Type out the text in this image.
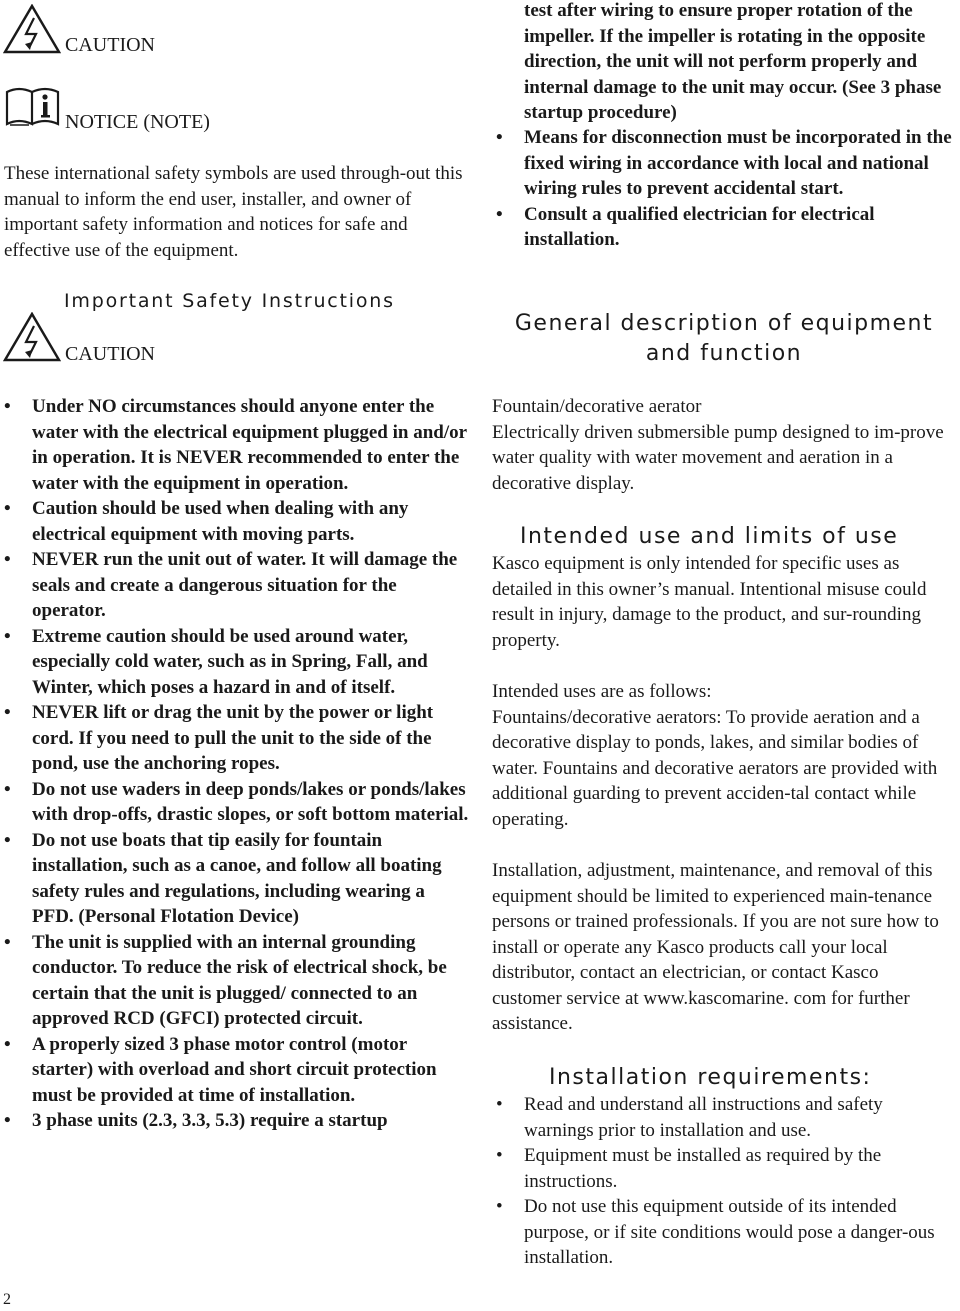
CAUTION
NOTICE (NOTE)

These international safety symbols are used through-out this manual to inform the end user, installer, and owner of important safety information and notices for safe and effective use of the equipment.

Important Safety Instructions
CAUTION
• Under NO circumstances should anyone enter the water with the electrical equipment plugged in and/or in operation. It is NEVER recommended to enter the water with the equipment in operation.
• Caution should be used when dealing with any electrical equipment with moving parts.
• NEVER run the unit out of water. It will damage the seals and create a dangerous situation for the operator.
• Extreme caution should be used around water, especially cold water, such as in Spring, Fall, and Winter, which poses a hazard in and of itself.
• NEVER lift or drag the unit by the power or light cord. If you need to pull the unit to the side of the pond, use the anchoring ropes.
• Do not use waders in deep ponds/lakes or ponds/lakes with drop-offs, drastic slopes, or soft bottom material.
• Do not use boats that tip easily for fountain installation, such as a canoe, and follow all boating safety rules and regulations, including wearing a PFD. (Personal Flotation Device)
• The unit is supplied with an internal grounding conductor. To reduce the risk of electrical shock, be certain that the unit is plugged/ connected to an approved RCD (GFCI) protected circuit.
• A properly sized 3 phase motor control (motor starter) with overload and short circuit protection must be provided at time of installation.
• 3 phase units (2.3, 3.3, 5.3) require a startup
2

test after wiring to ensure proper rotation of the impeller. If the impeller is rotating in the opposite direction, the unit will not perform properly and internal damage to the unit may occur. (See 3 phase startup procedure)

• Means for disconnection must be incorporated in the fixed wiring in accordance with local and national wiring rules to prevent accidental start.
• Consult a qualified electrician for electrical installation.
General description of equipment
and function

Fountain/decorative aerator

Electrically driven submersible pump designed to im-prove water quality with water movement and aeration in a decorative display.

Intended use and limits of use

Kasco equipment is only intended for specific uses as detailed in this owner’s manual. Intentional misuse could result in injury, damage to the product, and sur-rounding property.

Intended uses are as follows:

Fountains/decorative aerators: To provide aeration and a decorative display to ponds, lakes, and similar bodies of water. Fountains and decorative aerators are provided with additional guarding to prevent acciden-tal contact while operating.

Installation, adjustment, maintenance, and removal of this equipment should be limited to experienced main-tenance persons or trained professionals. If you are not sure how to install or operate any Kasco products call your local distributor, contact an electrician, or contact Kasco customer service at www.kascomarine. com for further assistance.

Installation requirements:
• Read and understand all instructions and safety warnings prior to installation and use.
• Equipment must be installed as required by the instructions.
• Do not use this equipment outside of its intended purpose, or if site conditions would pose a danger-ous installation.
